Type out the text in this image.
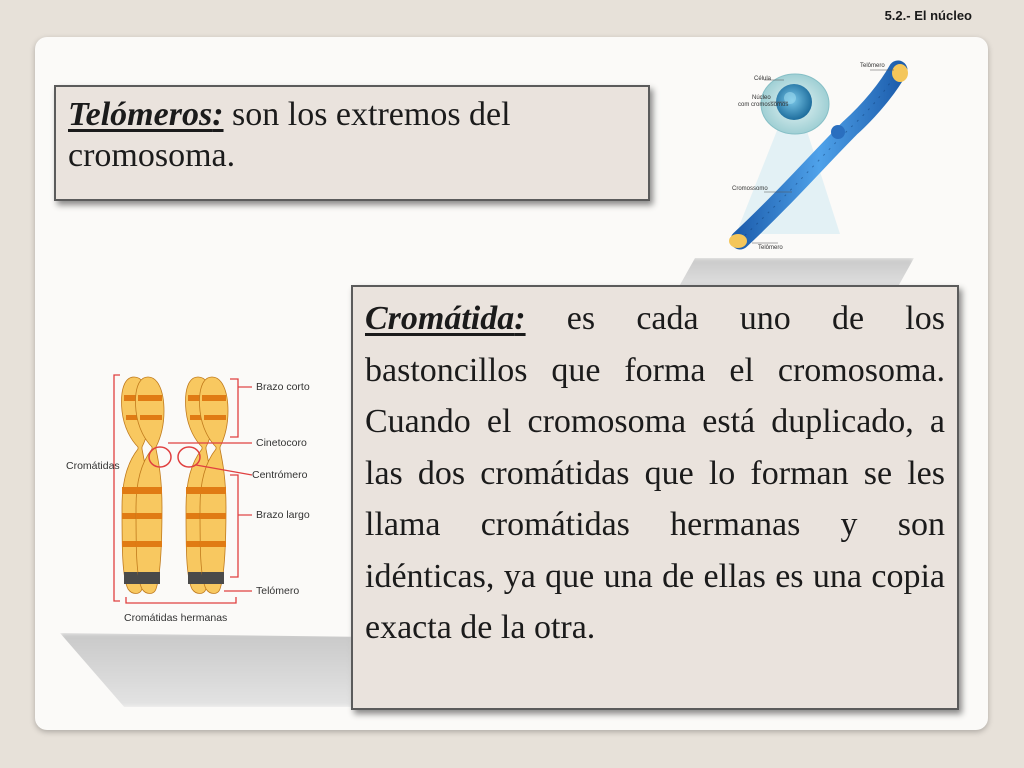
5.2.- El núcleo
Telómeros: son los extremos del cromosoma.
Cromátida: es cada uno de los bastoncillos que forma el cromosoma. Cuando el cromosoma está duplicado, a las dos cromátidas que lo forman se les llama cromátidas hermanas y son idénticas, ya que una de ellas es una copia exacta de la otra.
Célula
Núcleo
com cromossomos
Cromossomo
Telômero
Telômero
Brazo corto
Cinetocoro
Centrómero
Brazo largo
Telómero
Cromátidas
Cromátidas hermanas
